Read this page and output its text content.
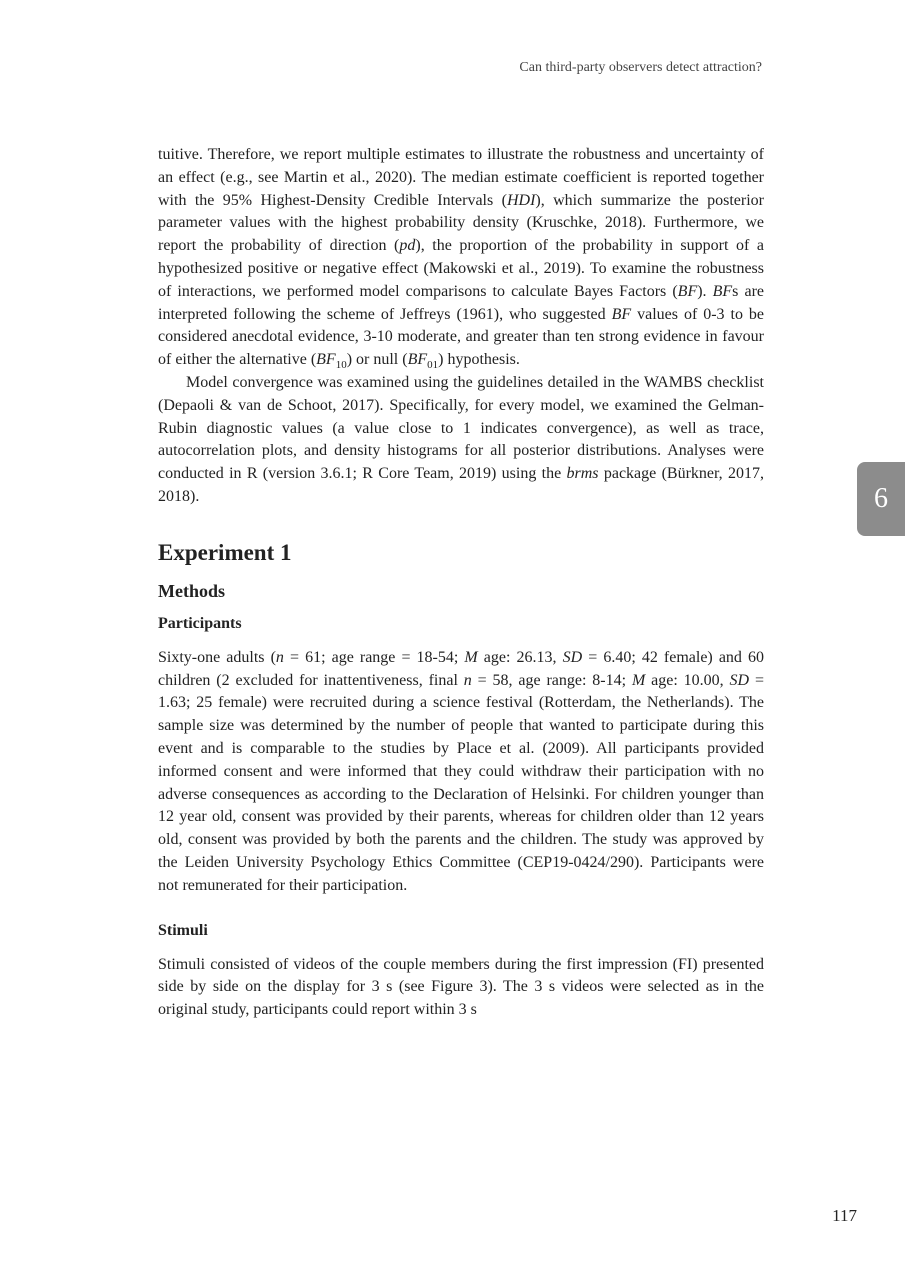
Can third-party observers detect attraction?

tuitive. Therefore, we report multiple estimates to illustrate the robustness and uncertainty of an effect (e.g., see Martin et al., 2020). The median estimate coefficient is reported together with the 95% Highest-Density Credible Intervals (HDI), which summarize the posterior parameter values with the highest probability density (Kruschke, 2018). Furthermore, we report the probability of direction (pd), the proportion of the probability in support of a hypothesized positive or negative effect (Makowski et al., 2019). To examine the robustness of interactions, we performed model comparisons to calculate Bayes Factors (BF). BFs are interpreted following the scheme of Jeffreys (1961), who suggested BF values of 0-3 to be considered anecdotal evidence, 3-10 moderate, and greater than ten strong evidence in favour of either the alternative $(BF_{10})$ or null $(BF_{01})$ hypothesis.

Model convergence was examined using the guidelines detailed in the WAMBS checklist (Depaoli & van de Schoot, 2017). Specifically, for every model, we examined the Gelman-Rubin diagnostic values (a value close to 1 indicates convergence), as well as trace, autocorrelation plots, and density histograms for all posterior distributions. Analyses were conducted in R (version 3.6.1; R Core Team, 2019) using the brms package (Bürkner, 2017, 2018).

Experiment 1
Methods
Participants

Sixty-one adults (n = 61; age range = 18-54; M age: 26.13, SD = 6.40; 42 female) and 60 children (2 excluded for inattentiveness, final n = 58, age range: 8-14; M age: 10.00, SD = 1.63; 25 female) were recruited during a science festival (Rotterdam, the Netherlands). The sample size was determined by the number of people that wanted to participate during this event and is comparable to the studies by Place et al. (2009). All participants provided informed consent and were informed that they could withdraw their participation with no adverse consequences as according to the Declaration of Helsinki. For children younger than 12 year old, consent was provided by their parents, whereas for children older than 12 years old, consent was provided by both the parents and the children. The study was approved by the Leiden University Psychology Ethics Committee (CEP19-0424/290). Participants were not remunerated for their participation.

Stimuli

Stimuli consisted of videos of the couple members during the first impression (FI) presented side by side on the display for 3 s (see Figure 3). The 3 s videos were selected as in the original study, participants could report within 3 s

6
117
